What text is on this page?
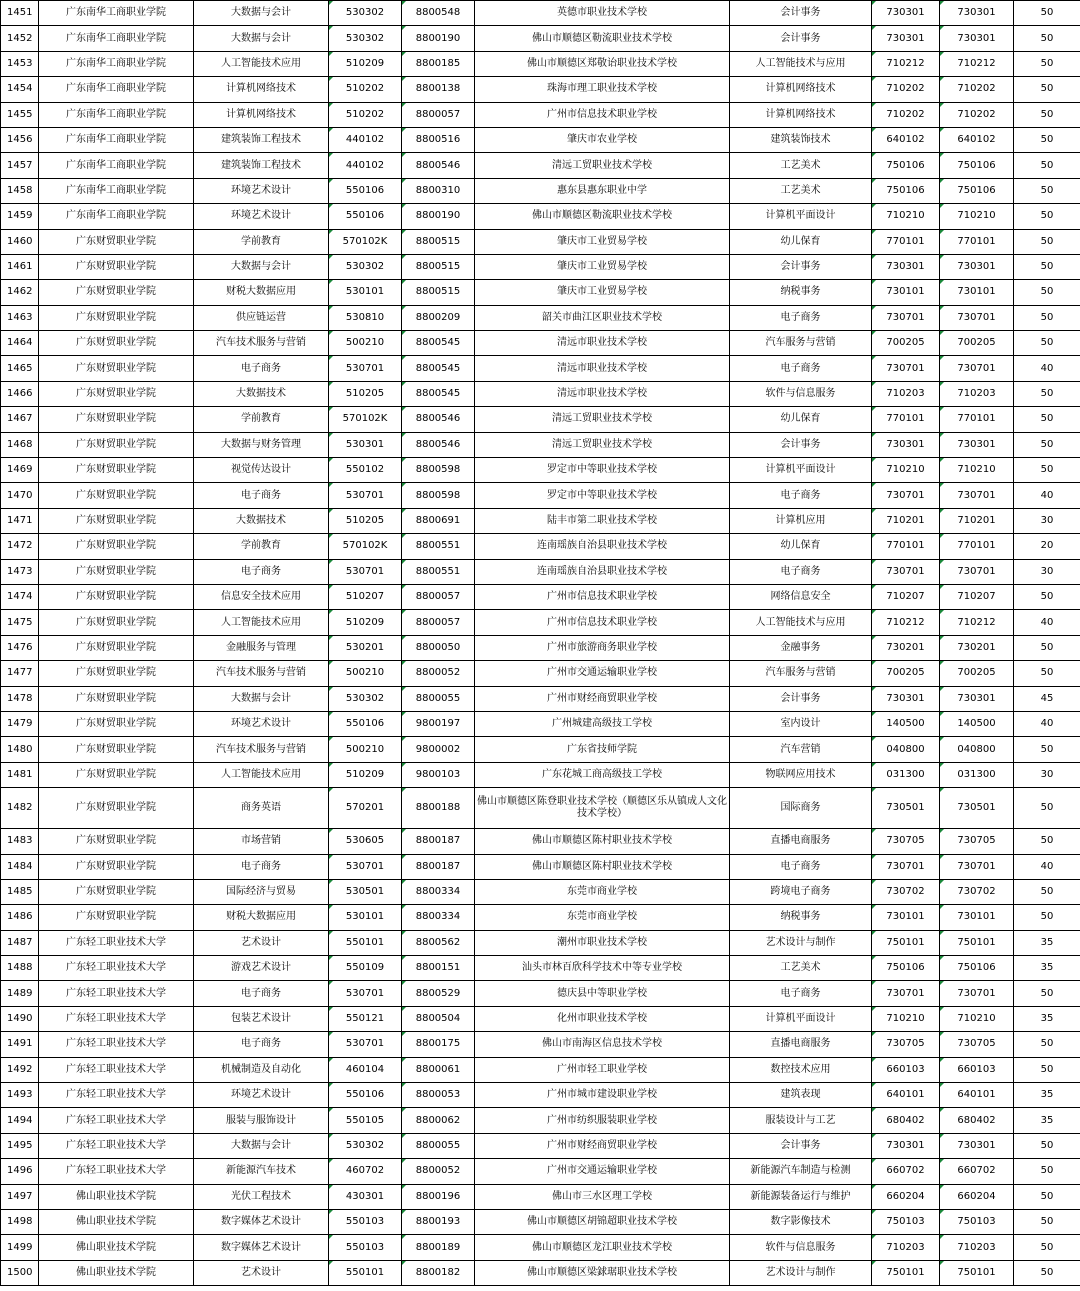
1451	广东南华工商职业学院	大数据与会计	530302	8800548	英德市职业技术学校	会计事务	730301	730301	50
1452	广东南华工商职业学院	大数据与会计	530302	8800190	佛山市顺德区勒流职业技术学校	会计事务	730301	730301	50
1453	广东南华工商职业学院	人工智能技术应用	510209	8800185	佛山市顺德区郑敬诒职业技术学校	人工智能技术与应用	710212	710212	50
1454	广东南华工商职业学院	计算机网络技术	510202	8800138	珠海市理工职业技术学校	计算机网络技术	710202	710202	50
1455	广东南华工商职业学院	计算机网络技术	510202	8800057	广州市信息技术职业学校	计算机网络技术	710202	710202	50
1456	广东南华工商职业学院	建筑装饰工程技术	440102	8800516	肇庆市农业学校	建筑装饰技术	640102	640102	50
1457	广东南华工商职业学院	建筑装饰工程技术	440102	8800546	清远工贸职业技术学校	工艺美术	750106	750106	50
1458	广东南华工商职业学院	环境艺术设计	550106	8800310	惠东县惠东职业中学	工艺美术	750106	750106	50
1459	广东南华工商职业学院	环境艺术设计	550106	8800190	佛山市顺德区勒流职业技术学校	计算机平面设计	710210	710210	50
1460	广东财贸职业学院	学前教育	570102K	8800515	肇庆市工业贸易学校	幼儿保育	770101	770101	50
1461	广东财贸职业学院	大数据与会计	530302	8800515	肇庆市工业贸易学校	会计事务	730301	730301	50
1462	广东财贸职业学院	财税大数据应用	530101	8800515	肇庆市工业贸易学校	纳税事务	730101	730101	50
1463	广东财贸职业学院	供应链运营	530810	8800209	韶关市曲江区职业技术学校	电子商务	730701	730701	50
1464	广东财贸职业学院	汽车技术服务与营销	500210	8800545	清远市职业技术学校	汽车服务与营销	700205	700205	50
1465	广东财贸职业学院	电子商务	530701	8800545	清远市职业技术学校	电子商务	730701	730701	40
1466	广东财贸职业学院	大数据技术	510205	8800545	清远市职业技术学校	软件与信息服务	710203	710203	50
1467	广东财贸职业学院	学前教育	570102K	8800546	清远工贸职业技术学校	幼儿保育	770101	770101	50
1468	广东财贸职业学院	大数据与财务管理	530301	8800546	清远工贸职业技术学校	会计事务	730301	730301	50
1469	广东财贸职业学院	视觉传达设计	550102	8800598	罗定市中等职业技术学校	计算机平面设计	710210	710210	50
1470	广东财贸职业学院	电子商务	530701	8800598	罗定市中等职业技术学校	电子商务	730701	730701	40
1471	广东财贸职业学院	大数据技术	510205	8800691	陆丰市第二职业技术学校	计算机应用	710201	710201	30
1472	广东财贸职业学院	学前教育	570102K	8800551	连南瑶族自治县职业技术学校	幼儿保育	770101	770101	20
1473	广东财贸职业学院	电子商务	530701	8800551	连南瑶族自治县职业技术学校	电子商务	730701	730701	30
1474	广东财贸职业学院	信息安全技术应用	510207	8800057	广州市信息技术职业学校	网络信息安全	710207	710207	50
1475	广东财贸职业学院	人工智能技术应用	510209	8800057	广州市信息技术职业学校	人工智能技术与应用	710212	710212	40
1476	广东财贸职业学院	金融服务与管理	530201	8800050	广州市旅游商务职业学校	金融事务	730201	730201	50
1477	广东财贸职业学院	汽车技术服务与营销	500210	8800052	广州市交通运输职业学校	汽车服务与营销	700205	700205	50
1478	广东财贸职业学院	大数据与会计	530302	8800055	广州市财经商贸职业学校	会计事务	730301	730301	45
1479	广东财贸职业学院	环境艺术设计	550106	9800197	广州城建高级技工学校	室内设计	140500	140500	40
1480	广东财贸职业学院	汽车技术服务与营销	500210	9800002	广东省技师学院	汽车营销	040800	040800	50
1481	广东财贸职业学院	人工智能技术应用	510209	9800103	广东花城工商高级技工学校	物联网应用技术	031300	031300	30
1482	广东财贸职业学院	商务英语	570201	8800188	佛山市顺德区陈登职业技术学校（顺德区乐从镇成人文化技术学校）	国际商务	730501	730501	50
1483	广东财贸职业学院	市场营销	530605	8800187	佛山市顺德区陈村职业技术学校	直播电商服务	730705	730705	50
1484	广东财贸职业学院	电子商务	530701	8800187	佛山市顺德区陈村职业技术学校	电子商务	730701	730701	40
1485	广东财贸职业学院	国际经济与贸易	530501	8800334	东莞市商业学校	跨境电子商务	730702	730702	50
1486	广东财贸职业学院	财税大数据应用	530101	8800334	东莞市商业学校	纳税事务	730101	730101	50
1487	广东轻工职业技术大学	艺术设计	550101	8800562	潮州市职业技术学校	艺术设计与制作	750101	750101	35
1488	广东轻工职业技术大学	游戏艺术设计	550109	8800151	汕头市林百欣科学技术中等专业学校	工艺美术	750106	750106	35
1489	广东轻工职业技术大学	电子商务	530701	8800529	德庆县中等职业学校	电子商务	730701	730701	50
1490	广东轻工职业技术大学	包装艺术设计	550121	8800504	化州市职业技术学校	计算机平面设计	710210	710210	35
1491	广东轻工职业技术大学	电子商务	530701	8800175	佛山市南海区信息技术学校	直播电商服务	730705	730705	50
1492	广东轻工职业技术大学	机械制造及自动化	460104	8800061	广州市轻工职业学校	数控技术应用	660103	660103	50
1493	广东轻工职业技术大学	环境艺术设计	550106	8800053	广州市城市建设职业学校	建筑表现	640101	640101	35
1494	广东轻工职业技术大学	服装与服饰设计	550105	8800062	广州市纺织服装职业学校	服装设计与工艺	680402	680402	35
1495	广东轻工职业技术大学	大数据与会计	530302	8800055	广州市财经商贸职业学校	会计事务	730301	730301	50
1496	广东轻工职业技术大学	新能源汽车技术	460702	8800052	广州市交通运输职业学校	新能源汽车制造与检测	660702	660702	50
1497	佛山职业技术学院	光伏工程技术	430301	8800196	佛山市三水区理工学校	新能源装备运行与维护	660204	660204	50
1498	佛山职业技术学院	数字媒体艺术设计	550103	8800193	佛山市顺德区胡锦超职业技术学校	数字影像技术	750103	750103	50
1499	佛山职业技术学院	数字媒体艺术设计	550103	8800189	佛山市顺德区龙江职业技术学校	软件与信息服务	710203	710203	50
1500	佛山职业技术学院	艺术设计	550101	8800182	佛山市顺德区梁銶琚职业技术学校	艺术设计与制作	750101	750101	50
